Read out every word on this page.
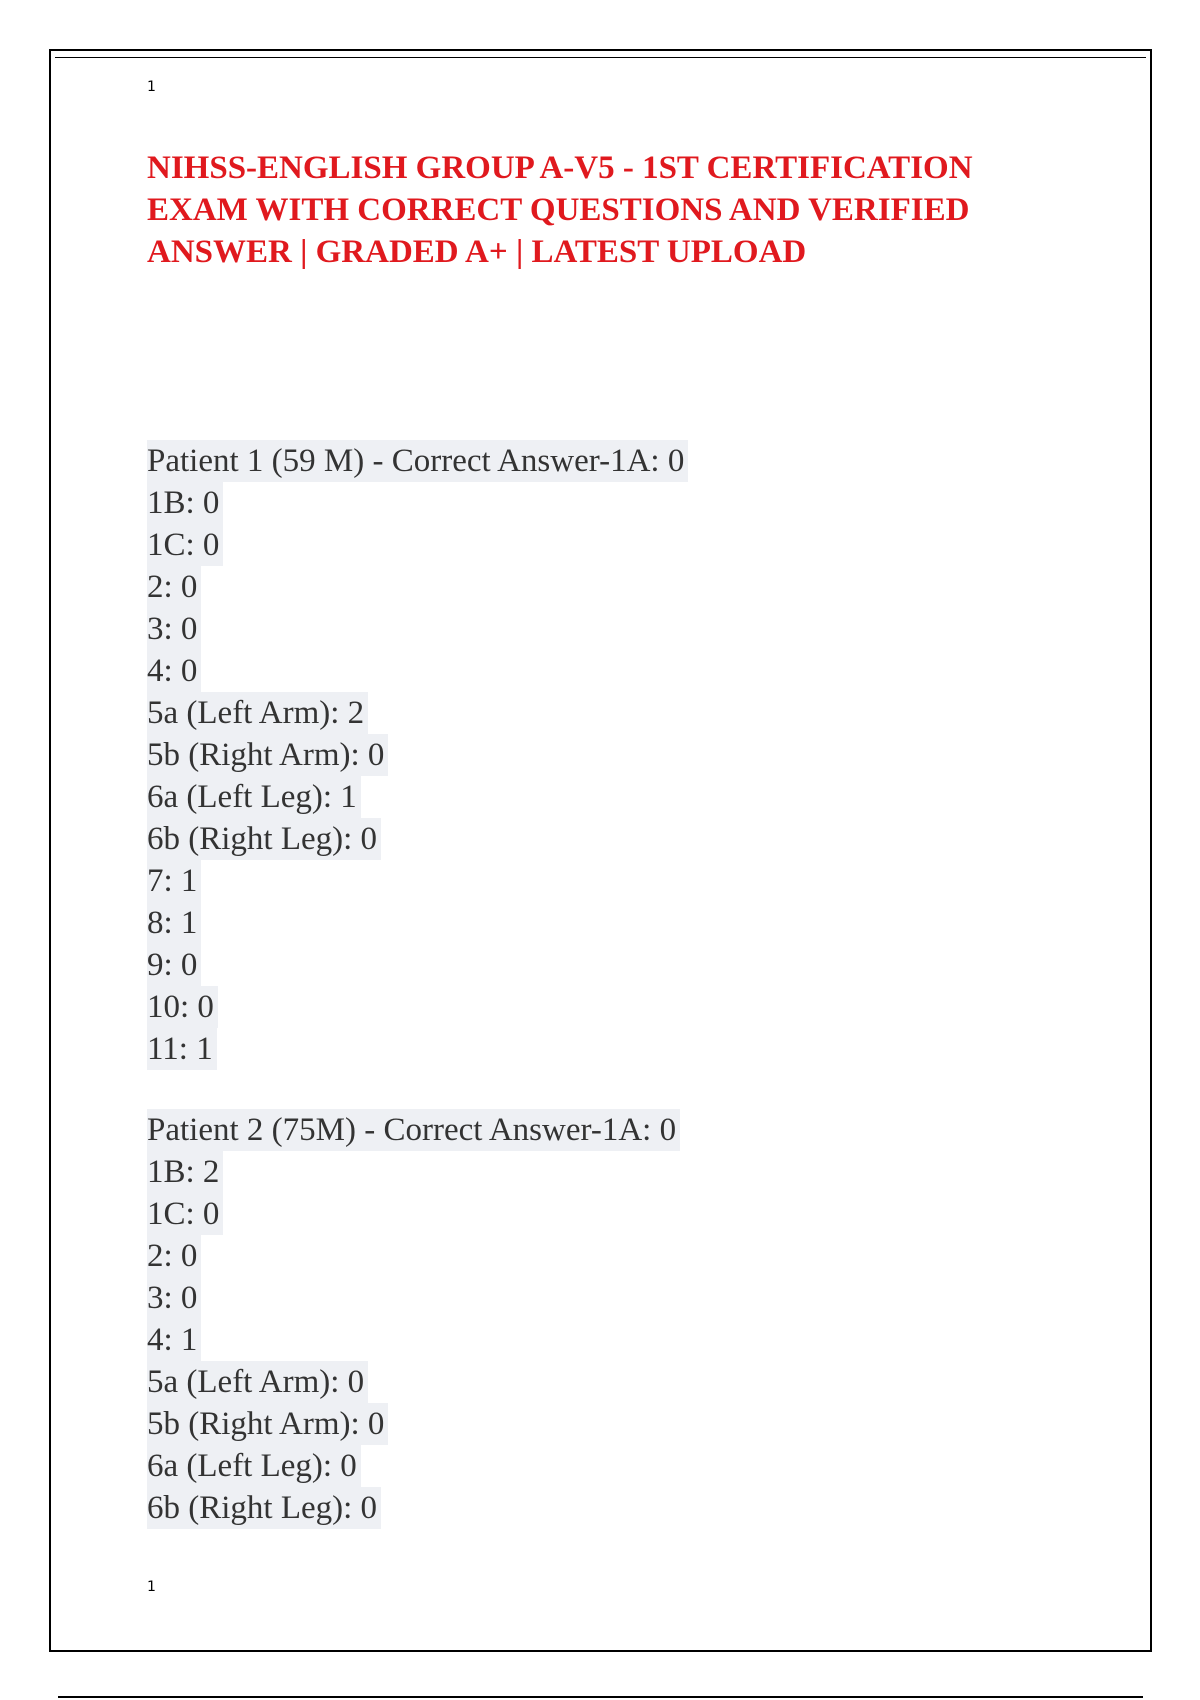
1
NIHSS-ENGLISH GROUP A-V5 - 1ST CERTIFICATION EXAM WITH CORRECT QUESTIONS AND VERIFIED ANSWER | GRADED A+ | LATEST UPLOAD
Patient 1 (59 M) - Correct Answer-1A: 0
1B: 0
1C: 0
2: 0
3: 0
4: 0
5a (Left Arm): 2
5b (Right Arm): 0
6a (Left Leg): 1
6b (Right Leg): 0
7: 1
8: 1
9: 0
10: 0
11: 1
Patient 2 (75M) - Correct Answer-1A: 0
1B: 2
1C: 0
2: 0
3: 0
4: 1
5a (Left Arm): 0
5b (Right Arm): 0
6a (Left Leg): 0
6b (Right Leg): 0
1
